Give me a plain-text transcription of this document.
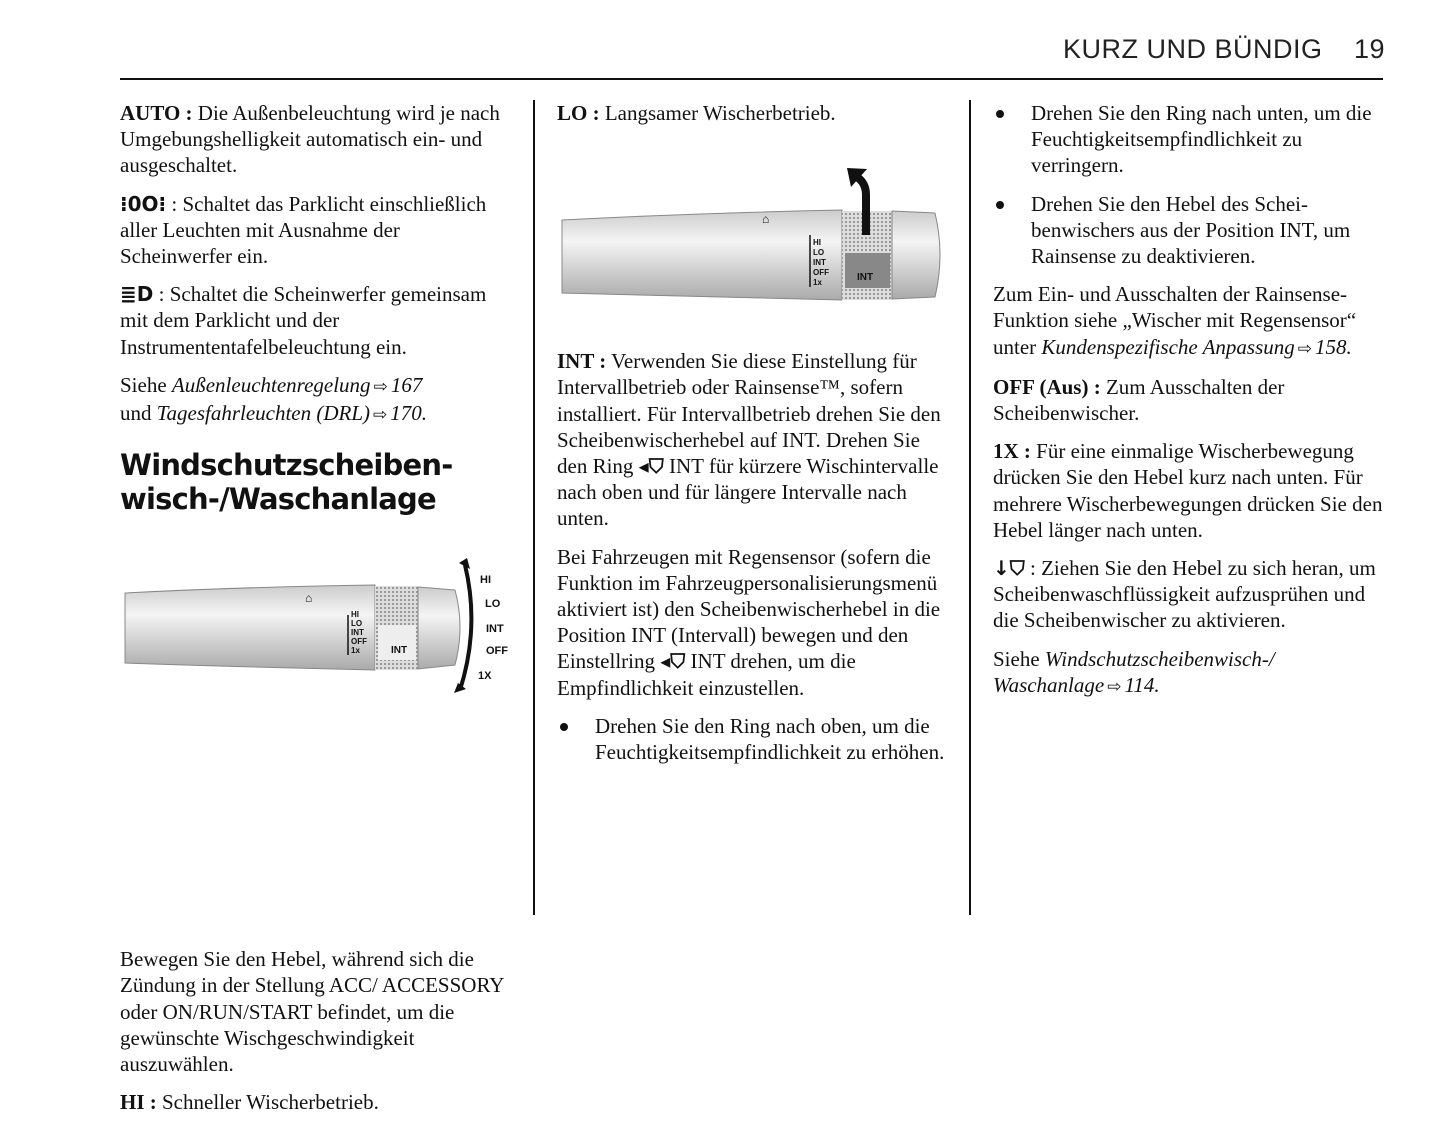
KURZ UND BÜNDIG 19

AUTO : Die Außenbeleuchtung wird je nach Umgebungshelligkeit automatisch ein- und ausgeschaltet.

⁝0O⁝ : Schaltet das Parklicht einschließlich aller Leuchten mit Ausnahme der Scheinwerfer ein.

≣D : Schaltet die Scheinwerfer gemeinsam mit dem Parklicht und der Instrumententafelbeleuchtung ein.

Siehe Außenleuchtenregelung ⇨ 167
und Tagesfahrleuchten (DRL) ⇨ 170.

Windschutzscheiben-
wisch-/Waschanlage

Bewegen Sie den Hebel, während sich die Zündung in der Stellung ACC/ ACCESSORY oder ON/RUN/START befindet, um die gewünschte Wischgeschwindigkeit auszuwählen.

HI : Schneller Wischerbetrieb.

⌂
HI
LO
INT
OFF
1x	INT
HI
LO
INT
OFF
1X

LO : Langsamer Wischerbetrieb.

INT : Verwenden Sie diese Einstellung für Intervallbetrieb oder Rainsense™, sofern installiert. Für Intervallbetrieb drehen Sie den Scheibenwischerhebel auf INT. Drehen Sie den Ring ◂⛉ INT für kürzere Wischintervalle nach oben und für längere Intervalle nach unten.

Bei Fahrzeugen mit Regensensor (sofern die Funktion im Fahrzeugpersonalisierungsmenü aktiviert ist) den Scheibenwischerhebel in die Position INT (Intervall) bewegen und den Einstellring ◂⛉ INT drehen, um die Empfindlichkeit einzustellen.

Drehen Sie den Ring nach oben, um die Feuchtigkeitsempfindlichkeit zu erhöhen.

⌂
HI
LO
INT
OFF
1x	INT

Drehen Sie den Ring nach unten, um die Feuchtigkeitsempfindlichkeit zu verringern.

Drehen Sie den Hebel des Scheibenwischers aus der Position INT, um Rainsense zu deaktivieren.

Zum Ein- und Ausschalten der Rainsense-Funktion siehe „Wischer mit Regensensor“ unter Kundenspezifische Anpassung ⇨ 158.

OFF (Aus) : Zum Ausschalten der Scheibenwischer.

1X : Für eine einmalige Wischerbewegung drücken Sie den Hebel kurz nach unten. Für mehrere Wischerbewegungen drücken Sie den Hebel länger nach unten.

↓⛉ : Ziehen Sie den Hebel zu sich heran, um Scheibenwaschflüssigkeit aufzusprühen und die Scheibenwischer zu aktivieren.

Siehe Windschutzscheibenwisch-/ Waschanlage ⇨ 114.
